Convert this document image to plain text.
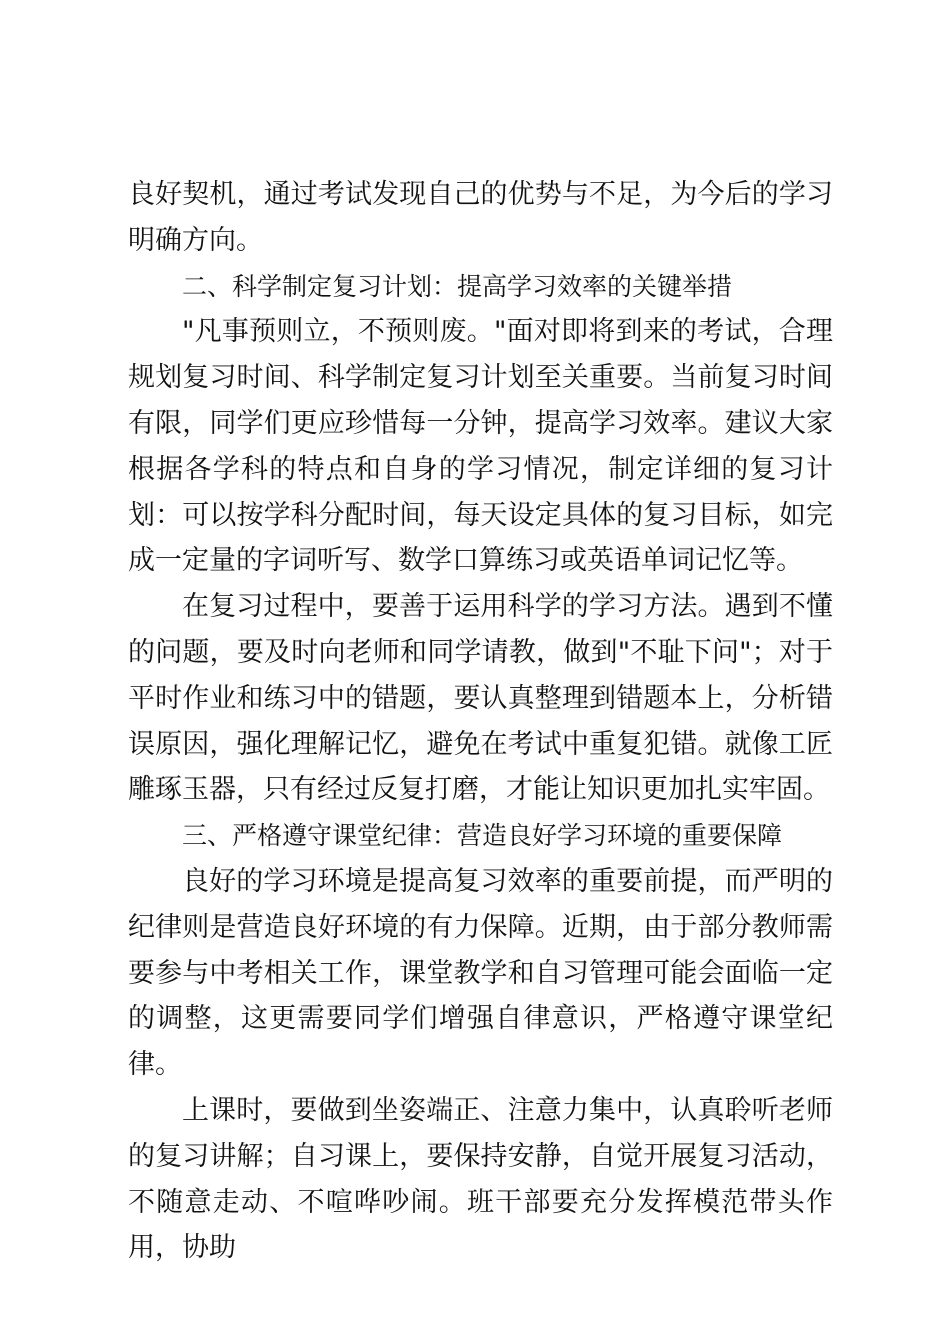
良好契机，通过考试发现自己的优势与不足，为今后的学习明确方向。

二、科学制定复习计划：提高学习效率的关键举措

"凡事预则立，不预则废。"面对即将到来的考试，合理规划复习时间、科学制定复习计划至关重要。当前复习时间有限，同学们更应珍惜每一分钟，提高学习效率。建议大家根据各学科的特点和自身的学习情况，制定详细的复习计划：可以按学科分配时间，每天设定具体的复习目标，如完成一定量的字词听写、数学口算练习或英语单词记忆等。

在复习过程中，要善于运用科学的学习方法。遇到不懂的问题，要及时向老师和同学请教，做到"不耻下问"；对于平时作业和练习中的错题，要认真整理到错题本上，分析错误原因，强化理解记忆，避免在考试中重复犯错。就像工匠雕琢玉器，只有经过反复打磨，才能让知识更加扎实牢固。

三、严格遵守课堂纪律：营造良好学习环境的重要保障

良好的学习环境是提高复习效率的重要前提，而严明的纪律则是营造良好环境的有力保障。近期，由于部分教师需要参与中考相关工作，课堂教学和自习管理可能会面临一定的调整，这更需要同学们增强自律意识，严格遵守课堂纪律。

上课时，要做到坐姿端正、注意力集中，认真聆听老师的复习讲解；自习课上，要保持安静，自觉开展复习活动，不随意走动、不喧哗吵闹。班干部要充分发挥模范带头作用，协助
